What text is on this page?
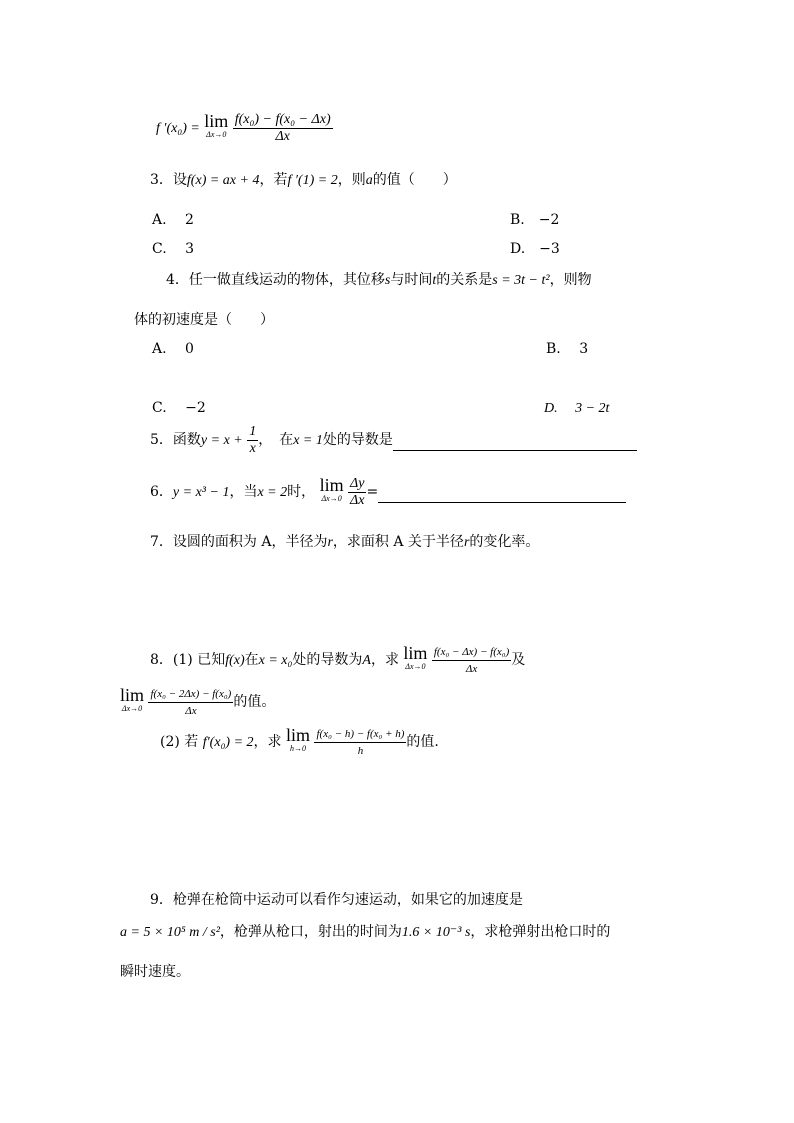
f ′(x₀) = lim
Δx→0
$\frac{\text{f(x₀) − f(x₀ − Δx)}}{\Delta x}$
3．设f(x) = ax + 4，若f ′(1) = 2，则a的值（　　）
A.　 2	B.　−2
C.　 3	D.　−3
4．任一做直线运动的物体，其位移s与时间t的关系是s = 3t − t²，则物
体的初速度是（　　）
A.　 0	B.　 3
C.　 −2	D.　 3 − 2t
5．函数$y = x + \frac{1}{x}$ ，　在x = 1处的导数是
6．y = x³ − 1，当x = 2时， lim
Δx→0
$\frac{\Delta y}{\Delta x}$ =
7．设圆的面积为 A，半径为r，求面积 A 关于半径r的变化率。
8．(1) 已知f(x)在x = x₀处的导数为A，求 lim
Δx→0
$\frac{\text{f(x₀ − Δx) − f(x₀)}}{\Delta x}$ 及
lim
Δx→0
$\frac{\text{f(x₀ − 2Δx) − f(x₀)}}{\Delta x}$ 的值。
(2) 若 f′(x₀) = 2，求 lim
h→0
$\frac{\text{f(x₀ − h) − f(x₀ + h)}}{h}$ 的值.
9．枪弹在枪筒中运动可以看作匀速运动，如果它的加速度是
a = 5 × 10⁵ m / s²，枪弹从枪口，射出的时间为1.6 × 10⁻³ s，求枪弹射出枪口时的
瞬时速度。
